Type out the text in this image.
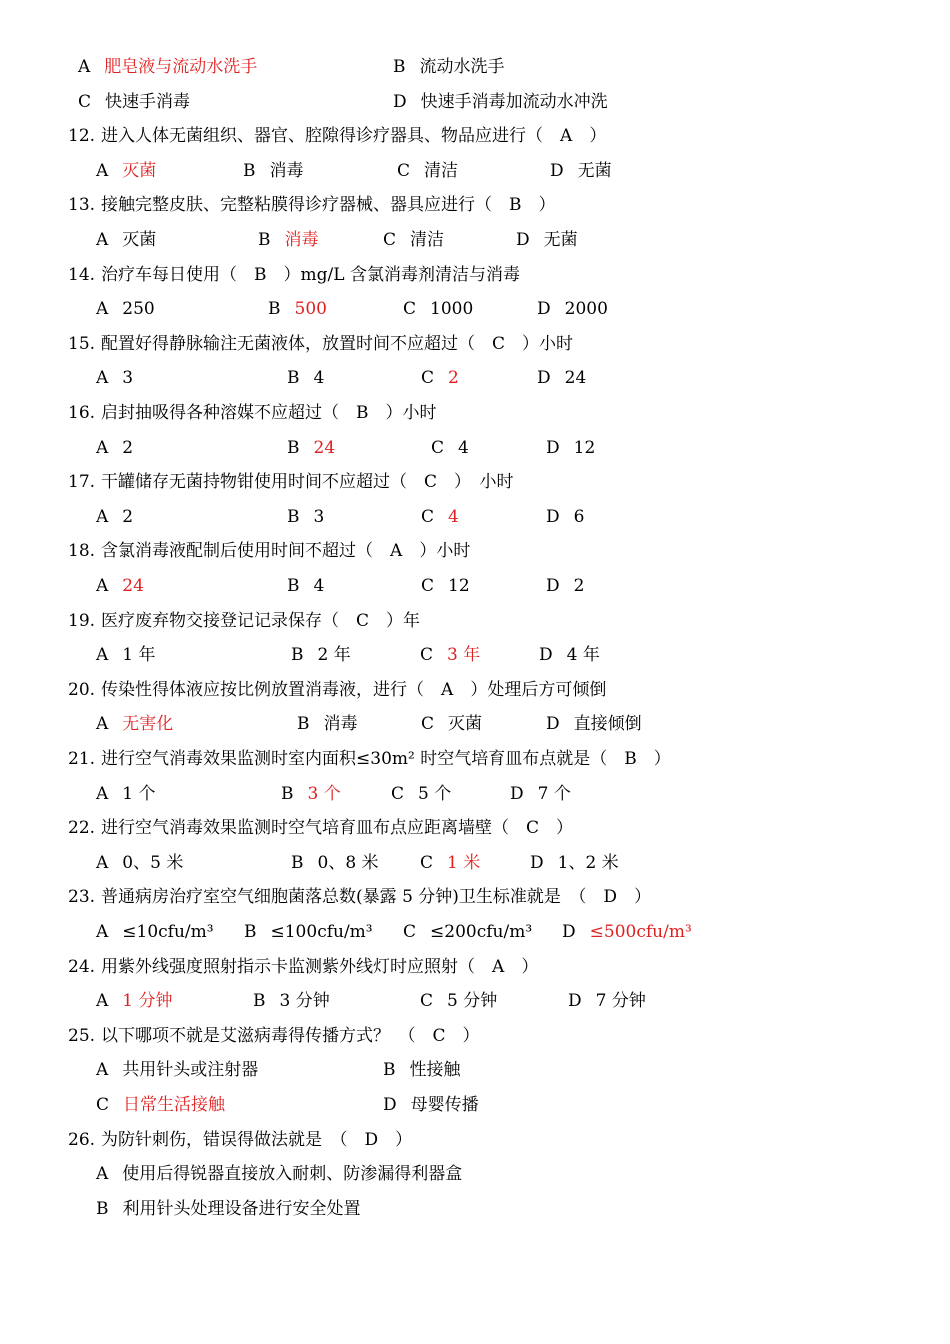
A 肥皂液与流动水洗手	B 流动水洗手
C 快速手消毒	D 快速手消毒加流动水冲洗
12. 进入人体无菌组织、器官、腔隙得诊疗器具、物品应进行（　A　）
A 灭菌	B 消毒	C 清洁	D 无菌
13. 接触完整皮肤、完整粘膜得诊疗器械、器具应进行（　B　）
A 灭菌	B 消毒	C 清洁	D 无菌
14. 治疗车每日使用（　B　）mg/L 含氯消毒剂清洁与消毒
A 250	B 500	C 1000	D 2000
15. 配置好得静脉输注无菌液体，放置时间不应超过（　C　）小时
A 3	B 4	C 2	D 24
16. 启封抽吸得各种溶媒不应超过（　B　）小时
A 2	B 24	C 4	D 12
17. 干罐储存无菌持物钳使用时间不应超过（　C　）　小时
A 2	B 3	C 4	D 6
18. 含氯消毒液配制后使用时间不超过（　A　）小时
A 24	B 4	C 12	D 2
19. 医疗废弃物交接登记记录保存（　C　）年
A 1 年	B 2 年	C 3 年	D 4 年
20. 传染性得体液应按比例放置消毒液，进行（　A　）处理后方可倾倒
A 无害化	B 消毒	C 灭菌	D 直接倾倒
21. 进行空气消毒效果监测时室内面积≤30m² 时空气培育皿布点就是（　B　）
A 1 个	B 3 个	C 5 个	D 7 个
22. 进行空气消毒效果监测时空气培育皿布点应距离墙壁（　C　）
A 0、5 米	B 0、8 米 C 1 米	D 1、2 米
23. 普通病房治疗室空气细胞菌落总数(暴露 5 分钟)卫生标准就是　（　D　）
A ≤10cfu/m³ B ≤100cfu/m³ C ≤200cfu/m³ D ≤500cfu/m³
24. 用紫外线强度照射指示卡监测紫外线灯时应照射（　A　）
A 1 分钟	B 3 分钟	C 5 分钟	D 7 分钟
25. 以下哪项不就是艾滋病毒得传播方式？　（　C　）
A 共用针头或注射器	B 性接触
C 日常生活接触	D 母婴传播
26. 为防针刺伤，错误得做法就是　（　D　）
A 使用后得锐器直接放入耐刺、防渗漏得利器盒
B 利用针头处理设备进行安全处置
